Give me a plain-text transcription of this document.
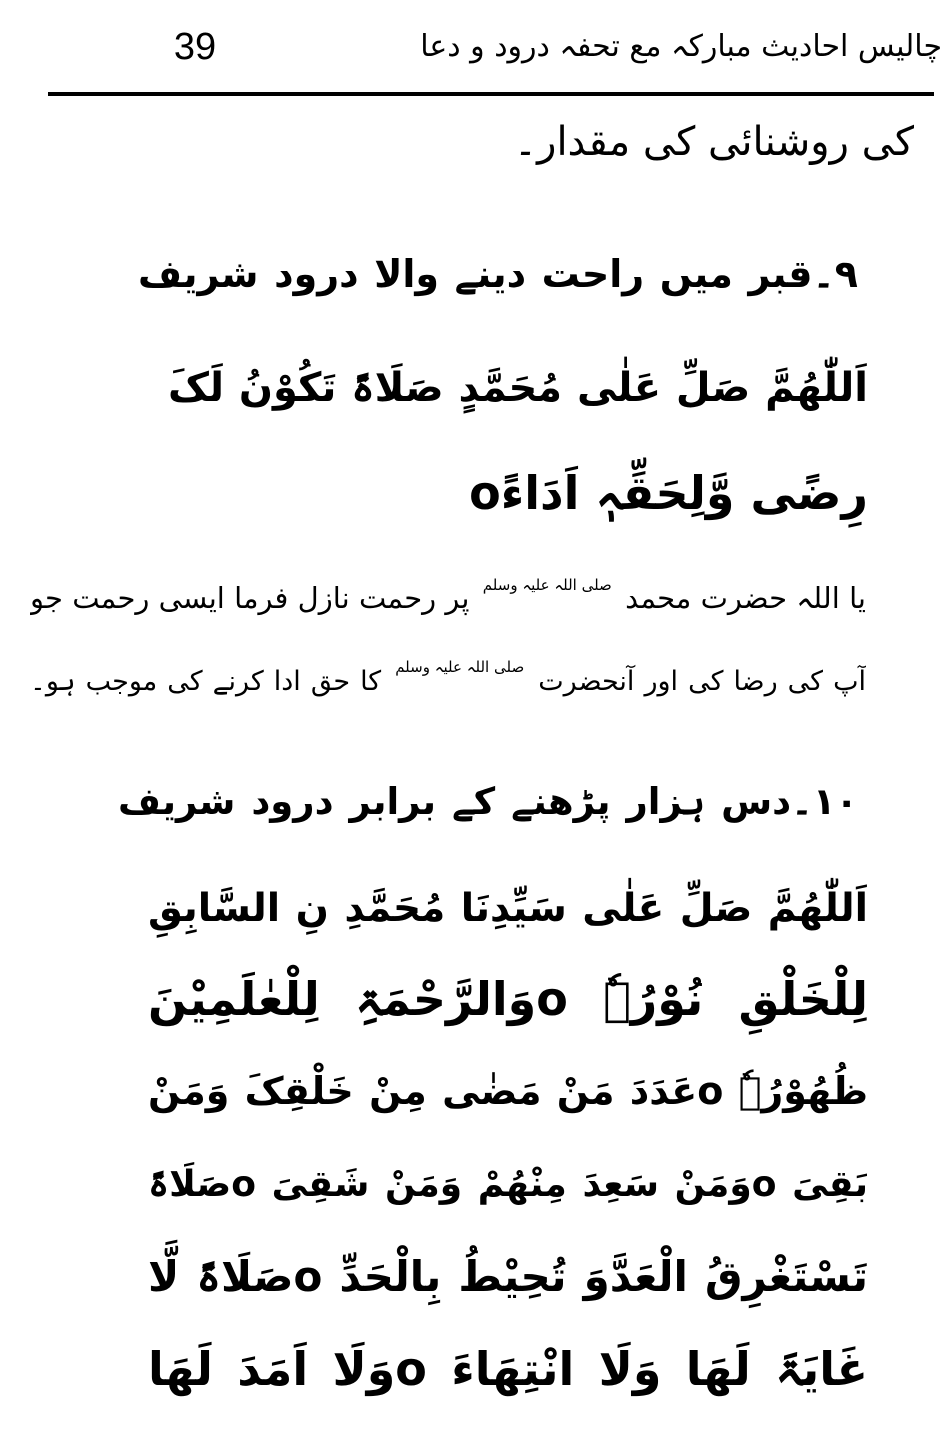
39	چالیس احادیث مبارکہ مع تحفہ درود و دعا
کی روشنائی کی مقدار۔
۹۔قبر میں راحت دینے والا درود شریف
اَللّٰھُمَّ صَلِّ عَلٰی مُحَمَّدٍ صَلَاۃً تَکُوْنُ لَکَ
رِضًی وَّلِحَقِّہٖ اَدَاءًo
یا اللہ حضرت محمد صلی اللہ علیہ وسلم پر رحمت نازل فرما ایسی رحمت جو
آپ کی رضا کی اور آنحضرت صلی اللہ علیہ وسلم کا حق ادا کرنے کی موجب ہو۔
۱۰۔دس ہزار پڑھنے کے برابر درود شریف
اَللّٰھُمَّ صَلِّ عَلٰی سَیِّدِنَا مُحَمَّدِ نِ السَّابِقِ
لِلْخَلْقِ نُوْرُہٗ oوَالرَّحْمَۃِ لِلْعٰلَمِیْنَ
ظُھُوْرُہٗ oعَدَدَ مَنْ مَضٰی مِنْ خَلْقِکَ وَمَنْ
بَقِیَ oوَمَنْ سَعِدَ مِنْھُمْ وَمَنْ شَقِیَ oصَلَاۃً
تَسْتَغْرِقُ الْعَدَّوَ تُحِیْطُ بِالْحَدِّ oصَلَاۃً لَّا
غَایَۃَ لَھَا وَلَا انْتِھَاءَ oوَلَا اَمَدَ لَھَا
